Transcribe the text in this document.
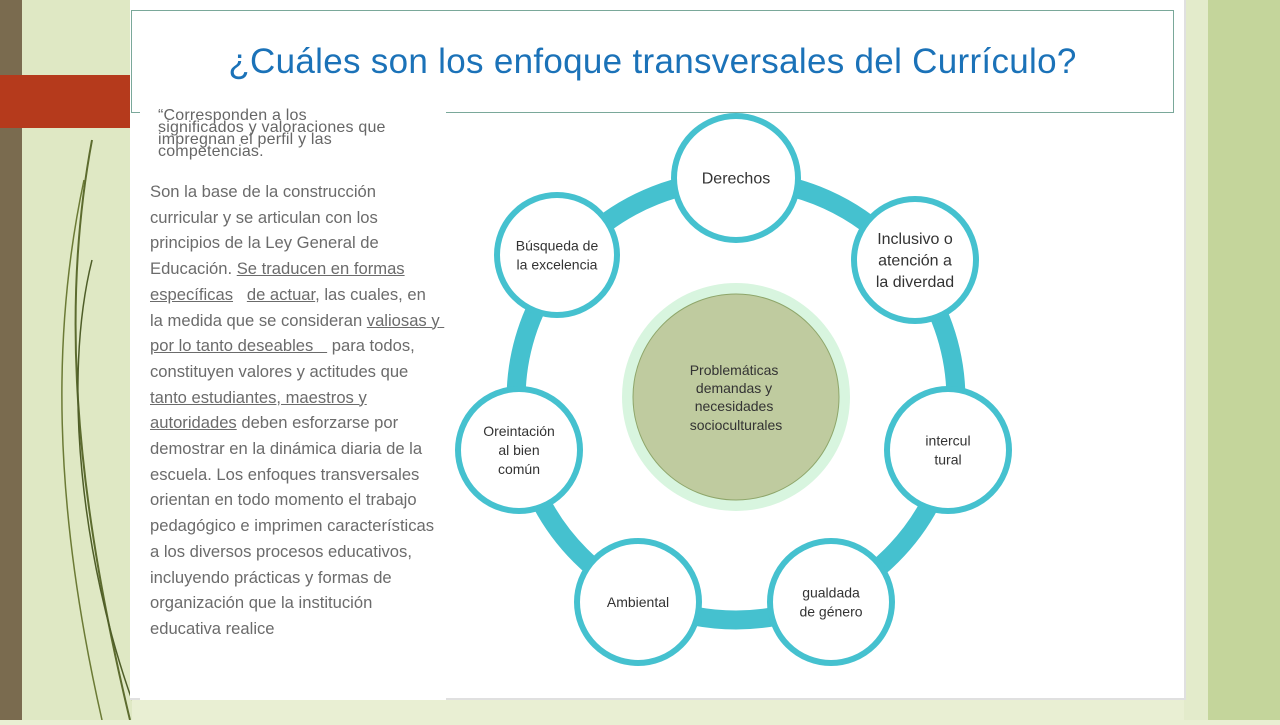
¿Cuáles son los enfoque transversales del Currículo?
“Corresponden a los
significados y valoraciones que
impregnan el perfil y las
competencias.
Son la base de la construcción curricular y se articulan con los principios de la Ley General de Educación. Se traducen en formas específicas de actuar, las cuales, en la medida que se consideran valiosas y por lo tanto deseables    para todos, constituyen valores y actitudes que tanto estudiantes, maestros y autoridades deben esforzarse por demostrar en la dinámica diaria de la escuela. Los enfoques transversales orientan en todo momento el trabajo pedagógico e imprimen características a los diversos procesos educativos, incluyendo prácticas y formas de organización que la institución educativa realice
Problemáticas demandas y necesidades socioculturales
Derechos
Inclusivo o atención a la diverdad
intercul tural
gualdada de género
Ambiental
Oreintación al bien común
Búsqueda de la excelencia
